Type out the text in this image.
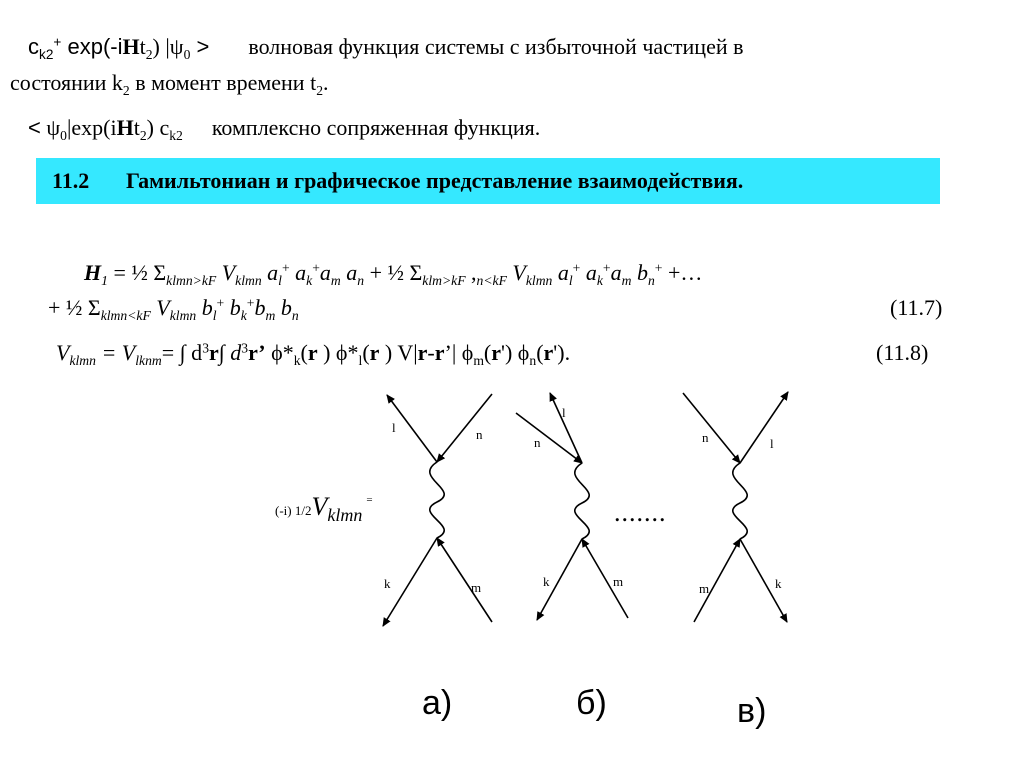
$c_{k2}^+$ exp(-iHt$_2$) $|\psi_0$ > волновая функция системы с избыточной частицей в
состоянии $k_2$ в момент времени $t_2$.
< $\psi_0|\exp(iHt_2)$ $c_{k2}$ комплексно сопряженная функция.
11.2 Гамильтониан и графическое представление взаимодействия.
$H_1$ = ½ $\Sigma_{klmn>kF}$ $V_{klmn}$ $a_l^+$ $a_k^+a_m$ $a_n$ + ½ $\Sigma_{klm>kF}$ $,_{n<kF}$ $V_{klmn}$ $a_l^+$ $a_k^+a_m$ $b_n^+$ +…
+ ½ $\Sigma_{klmn<kF}$ $V_{klmn}$ $b_l^+$ $b_k^+b_m$ $b_n$	(11.7)
$V_{klmn} = V_{lknm}=$ ∫ $d^3r\int$ $d^3r$’ $\phi*_k(r$ ) $\phi*_l(r$ ) V|r-r’| $\phi_m(r')$ $\phi_n(r')$.	(11.8)
l	n
k	m
l
n
k	m
n	l
m	k
(-i) $1/2V_{klmn}^=$	.......
а)	б)	в)
